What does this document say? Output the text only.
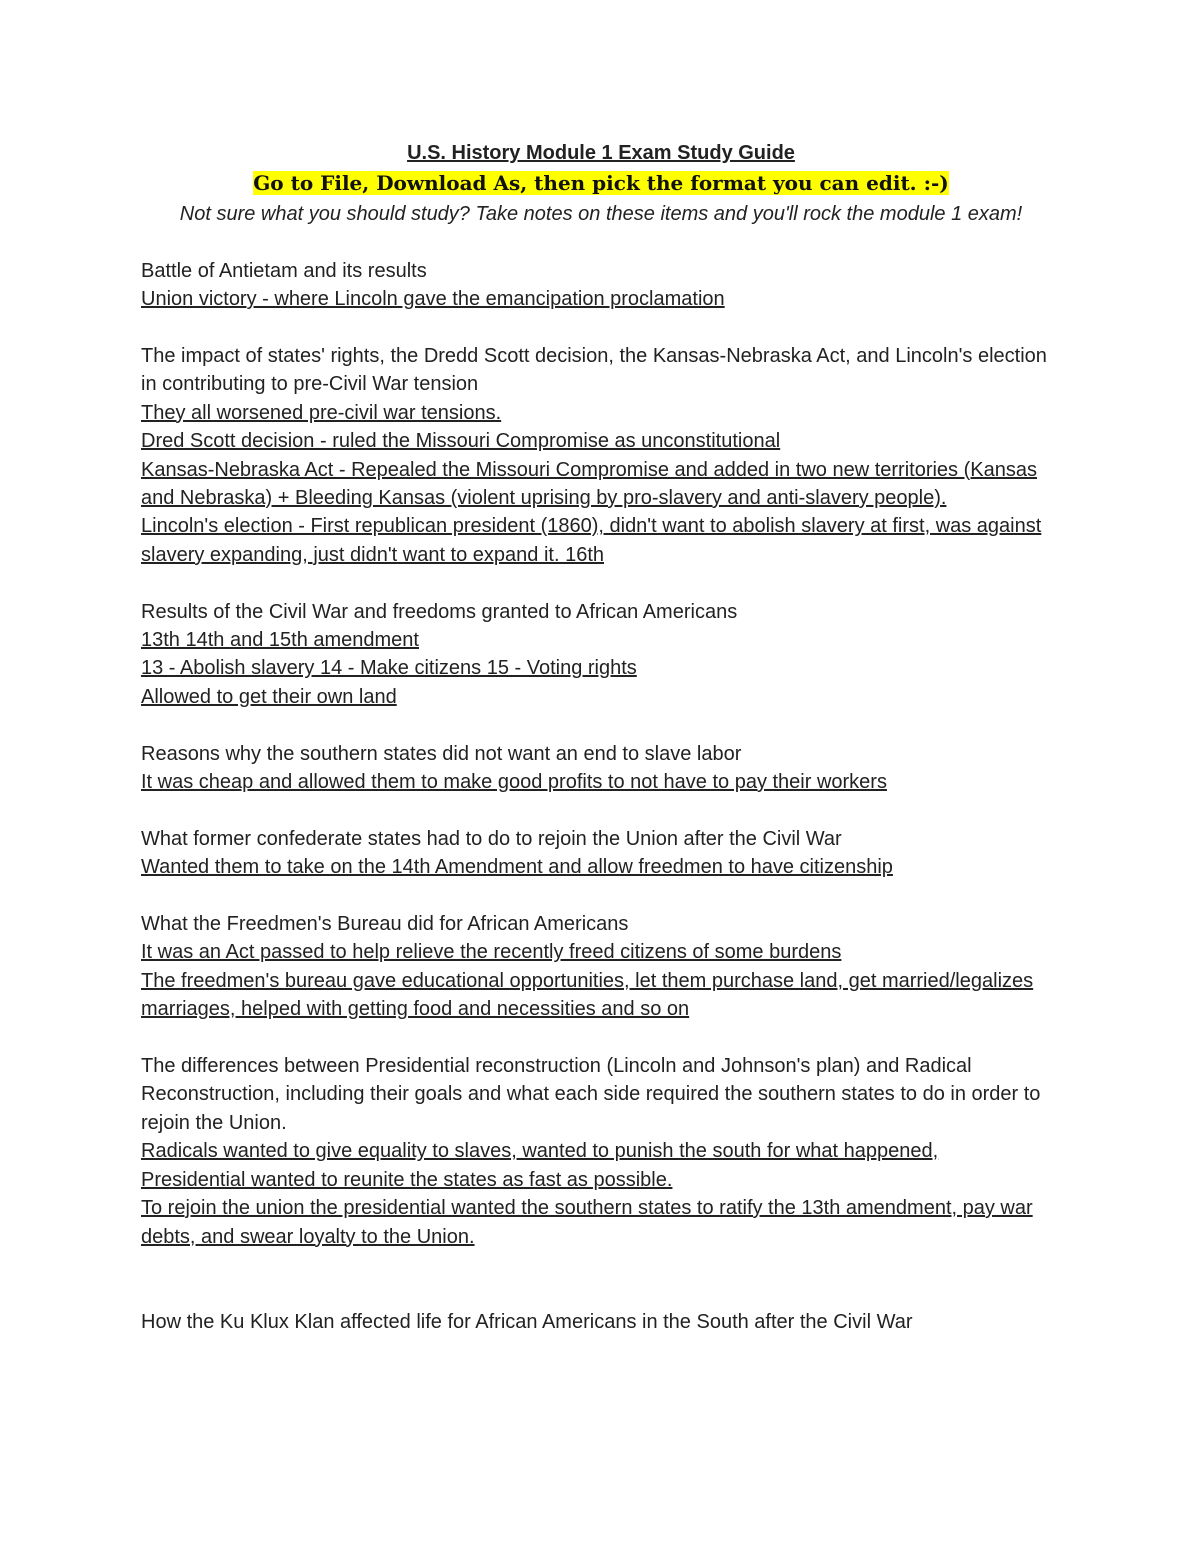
U.S. History Module 1 Exam Study Guide

Go to File, Download As, then pick the format you can edit. :-)

Not sure what you should study? Take notes on these items and you'll rock the module 1 exam!

Battle of Antietam and its results

Union victory - where Lincoln gave the emancipation proclamation

The impact of states' rights, the Dredd Scott decision, the Kansas-Nebraska Act, and Lincoln's election in contributing to pre-Civil War tension

They all worsened pre-civil war tensions.

Dred Scott decision - ruled the Missouri Compromise as unconstitutional

Kansas-Nebraska Act - Repealed the Missouri Compromise and added in two new territories (Kansas and Nebraska) + Bleeding Kansas (violent uprising by pro-slavery and anti-slavery people).

Lincoln's election - First republican president (1860), didn't want to abolish slavery at first, was against slavery expanding, just didn't want to expand it. 16th

Results of the Civil War and freedoms granted to African Americans

13th 14th and 15th amendment

13 - Abolish slavery 14 - Make citizens 15 - Voting rights

Allowed to get their own land

Reasons why the southern states did not want an end to slave labor

It was cheap and allowed them to make good profits to not have to pay their workers

What former confederate states had to do to rejoin the Union after the Civil War

Wanted them to take on the 14th Amendment and allow freedmen to have citizenship

What the Freedmen's Bureau did for African Americans

It was an Act passed to help relieve the recently freed citizens of some burdens

The freedmen's bureau gave educational opportunities, let them purchase land, get married/legalizes marriages, helped with getting food and necessities and so on

The differences between Presidential reconstruction (Lincoln and Johnson's plan) and Radical Reconstruction, including their goals and what each side required the southern states to do in order to rejoin the Union.

Radicals wanted to give equality to slaves, wanted to punish the south for what happened,

Presidential wanted to reunite the states as fast as possible.

To rejoin the union the presidential wanted the southern states to ratify the 13th amendment, pay war debts, and swear loyalty to the Union.

How the Ku Klux Klan affected life for African Americans in the South after the Civil War
